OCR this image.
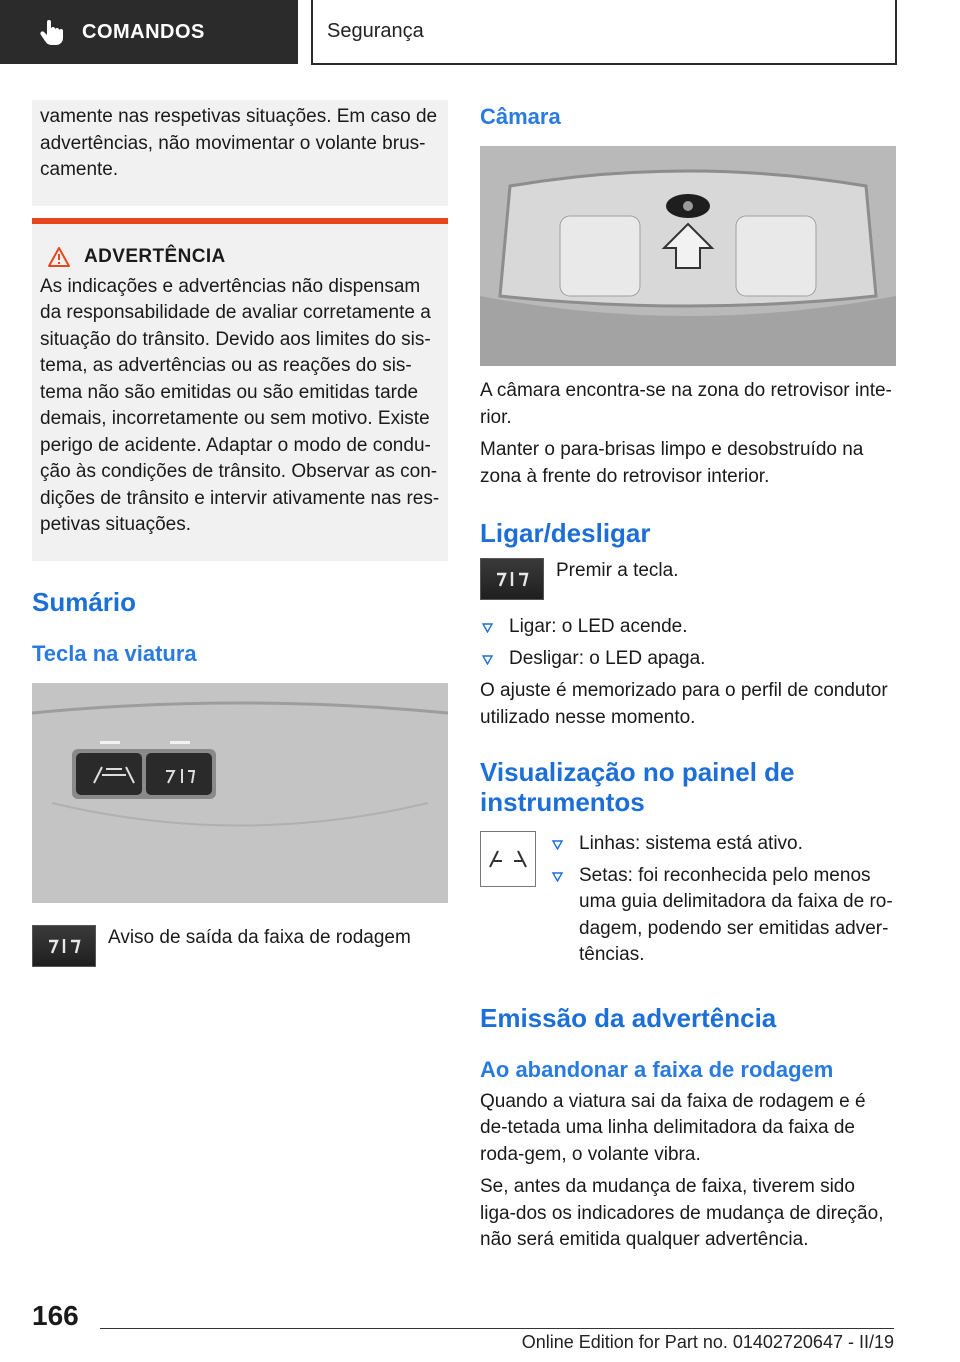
COMANDOS	Segurança

vamente nas respetivas situações. Em caso de advertências, não movimentar o volante brus-camente.

ADVERTÊNCIA

As indicações e advertências não dispensam da responsabilidade de avaliar corretamente a situação do trânsito. Devido aos limites do sis-tema, as advertências ou as reações do sis-tema não são emitidas ou são emitidas tarde demais, incorretamente ou sem motivo. Existe perigo de acidente. Adaptar o modo de condu-ção às condições de trânsito. Observar as con-dições de trânsito e intervir ativamente nas res-petivas situações.

Sumário
Tecla na viatura

Aviso de saída da faixa de rodagem

Câmara

A câmara encontra-se na zona do retrovisor inte-rior.

Manter o para-brisas limpo e desobstruído na zona à frente do retrovisor interior.

Ligar/desligar

Premir a tecla.

Ligar: o LED acende.
Desligar: o LED apaga.

O ajuste é memorizado para o perfil de condutor utilizado nesse momento.

Visualização no painel de instrumentos
Linhas: sistema está ativo.
Setas: foi reconhecida pelo menos uma guia delimitadora da faixa de ro-dagem, podendo ser emitidas adver-tências.
Emissão da advertência
Ao abandonar a faixa de rodagem

Quando a viatura sai da faixa de rodagem e é de-tetada uma linha delimitadora da faixa de roda-gem, o volante vibra.

Se, antes da mudança de faixa, tiverem sido liga-dos os indicadores de mudança de direção, não será emitida qualquer advertência.

166
Online Edition for Part no. 01402720647 - II/19
